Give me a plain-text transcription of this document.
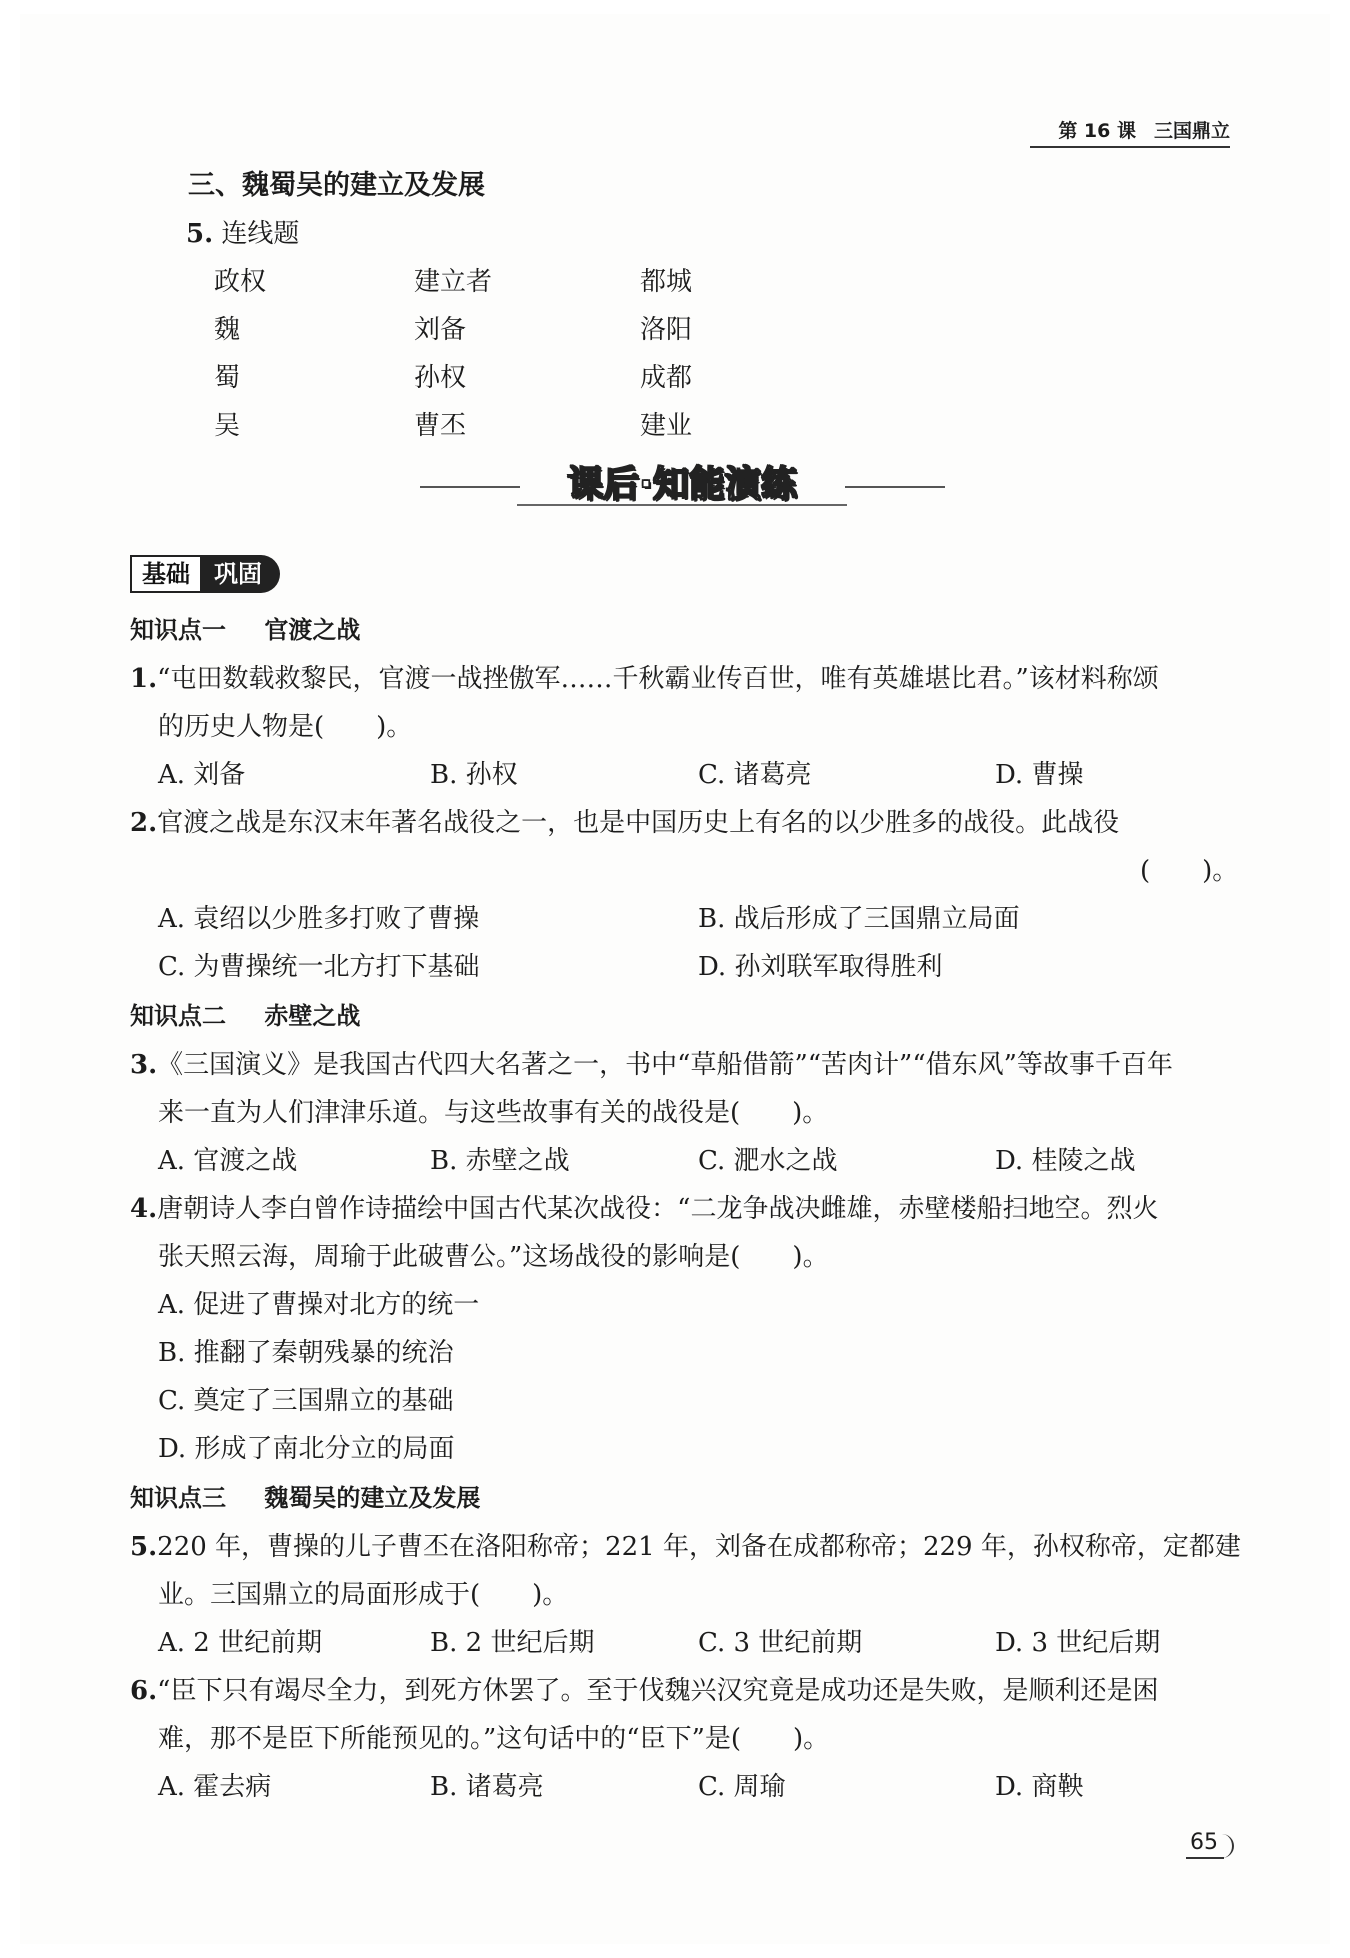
第 16 课 三国鼎立
三、魏蜀吴的建立及发展
5. 连线题
政权	建立者	都城
魏	刘备	洛阳
蜀	孙权	成都
吴	曹丕	建业
课后·知能演练
基础	巩固
知识点一 官渡之战
1.“屯田数载救黎民，官渡一战挫傲军……千秋霸业传百世，唯有英雄堪比君。”该材料称颂
的历史人物是(　　)。
A. 刘备	B. 孙权	C. 诸葛亮	D. 曹操
2.官渡之战是东汉末年著名战役之一，也是中国历史上有名的以少胜多的战役。此战役
(　　)。
A. 袁绍以少胜多打败了曹操	B. 战后形成了三国鼎立局面
C. 为曹操统一北方打下基础	D. 孙刘联军取得胜利
知识点二 赤壁之战
3.《三国演义》是我国古代四大名著之一，书中“草船借箭”“苦肉计”“借东风”等故事千百年
来一直为人们津津乐道。与这些故事有关的战役是(　　)。
A. 官渡之战	B. 赤壁之战	C. 淝水之战	D. 桂陵之战
4.唐朝诗人李白曾作诗描绘中国古代某次战役：“二龙争战决雌雄，赤壁楼船扫地空。烈火
张天照云海，周瑜于此破曹公。”这场战役的影响是(　　)。
A. 促进了曹操对北方的统一
B. 推翻了秦朝残暴的统治
C. 奠定了三国鼎立的基础
D. 形成了南北分立的局面
知识点三 魏蜀吴的建立及发展
5.220 年，曹操的儿子曹丕在洛阳称帝；221 年，刘备在成都称帝；229 年，孙权称帝，定都建
业。三国鼎立的局面形成于(　　)。
A. 2 世纪前期	B. 2 世纪后期	C. 3 世纪前期	D. 3 世纪后期
6.“臣下只有竭尽全力，到死方休罢了。至于伐魏兴汉究竟是成功还是失败，是顺利还是困
难，那不是臣下所能预见的。”这句话中的“臣下”是(　　)。
A. 霍去病	B. 诸葛亮	C. 周瑜	D. 商鞅
65
